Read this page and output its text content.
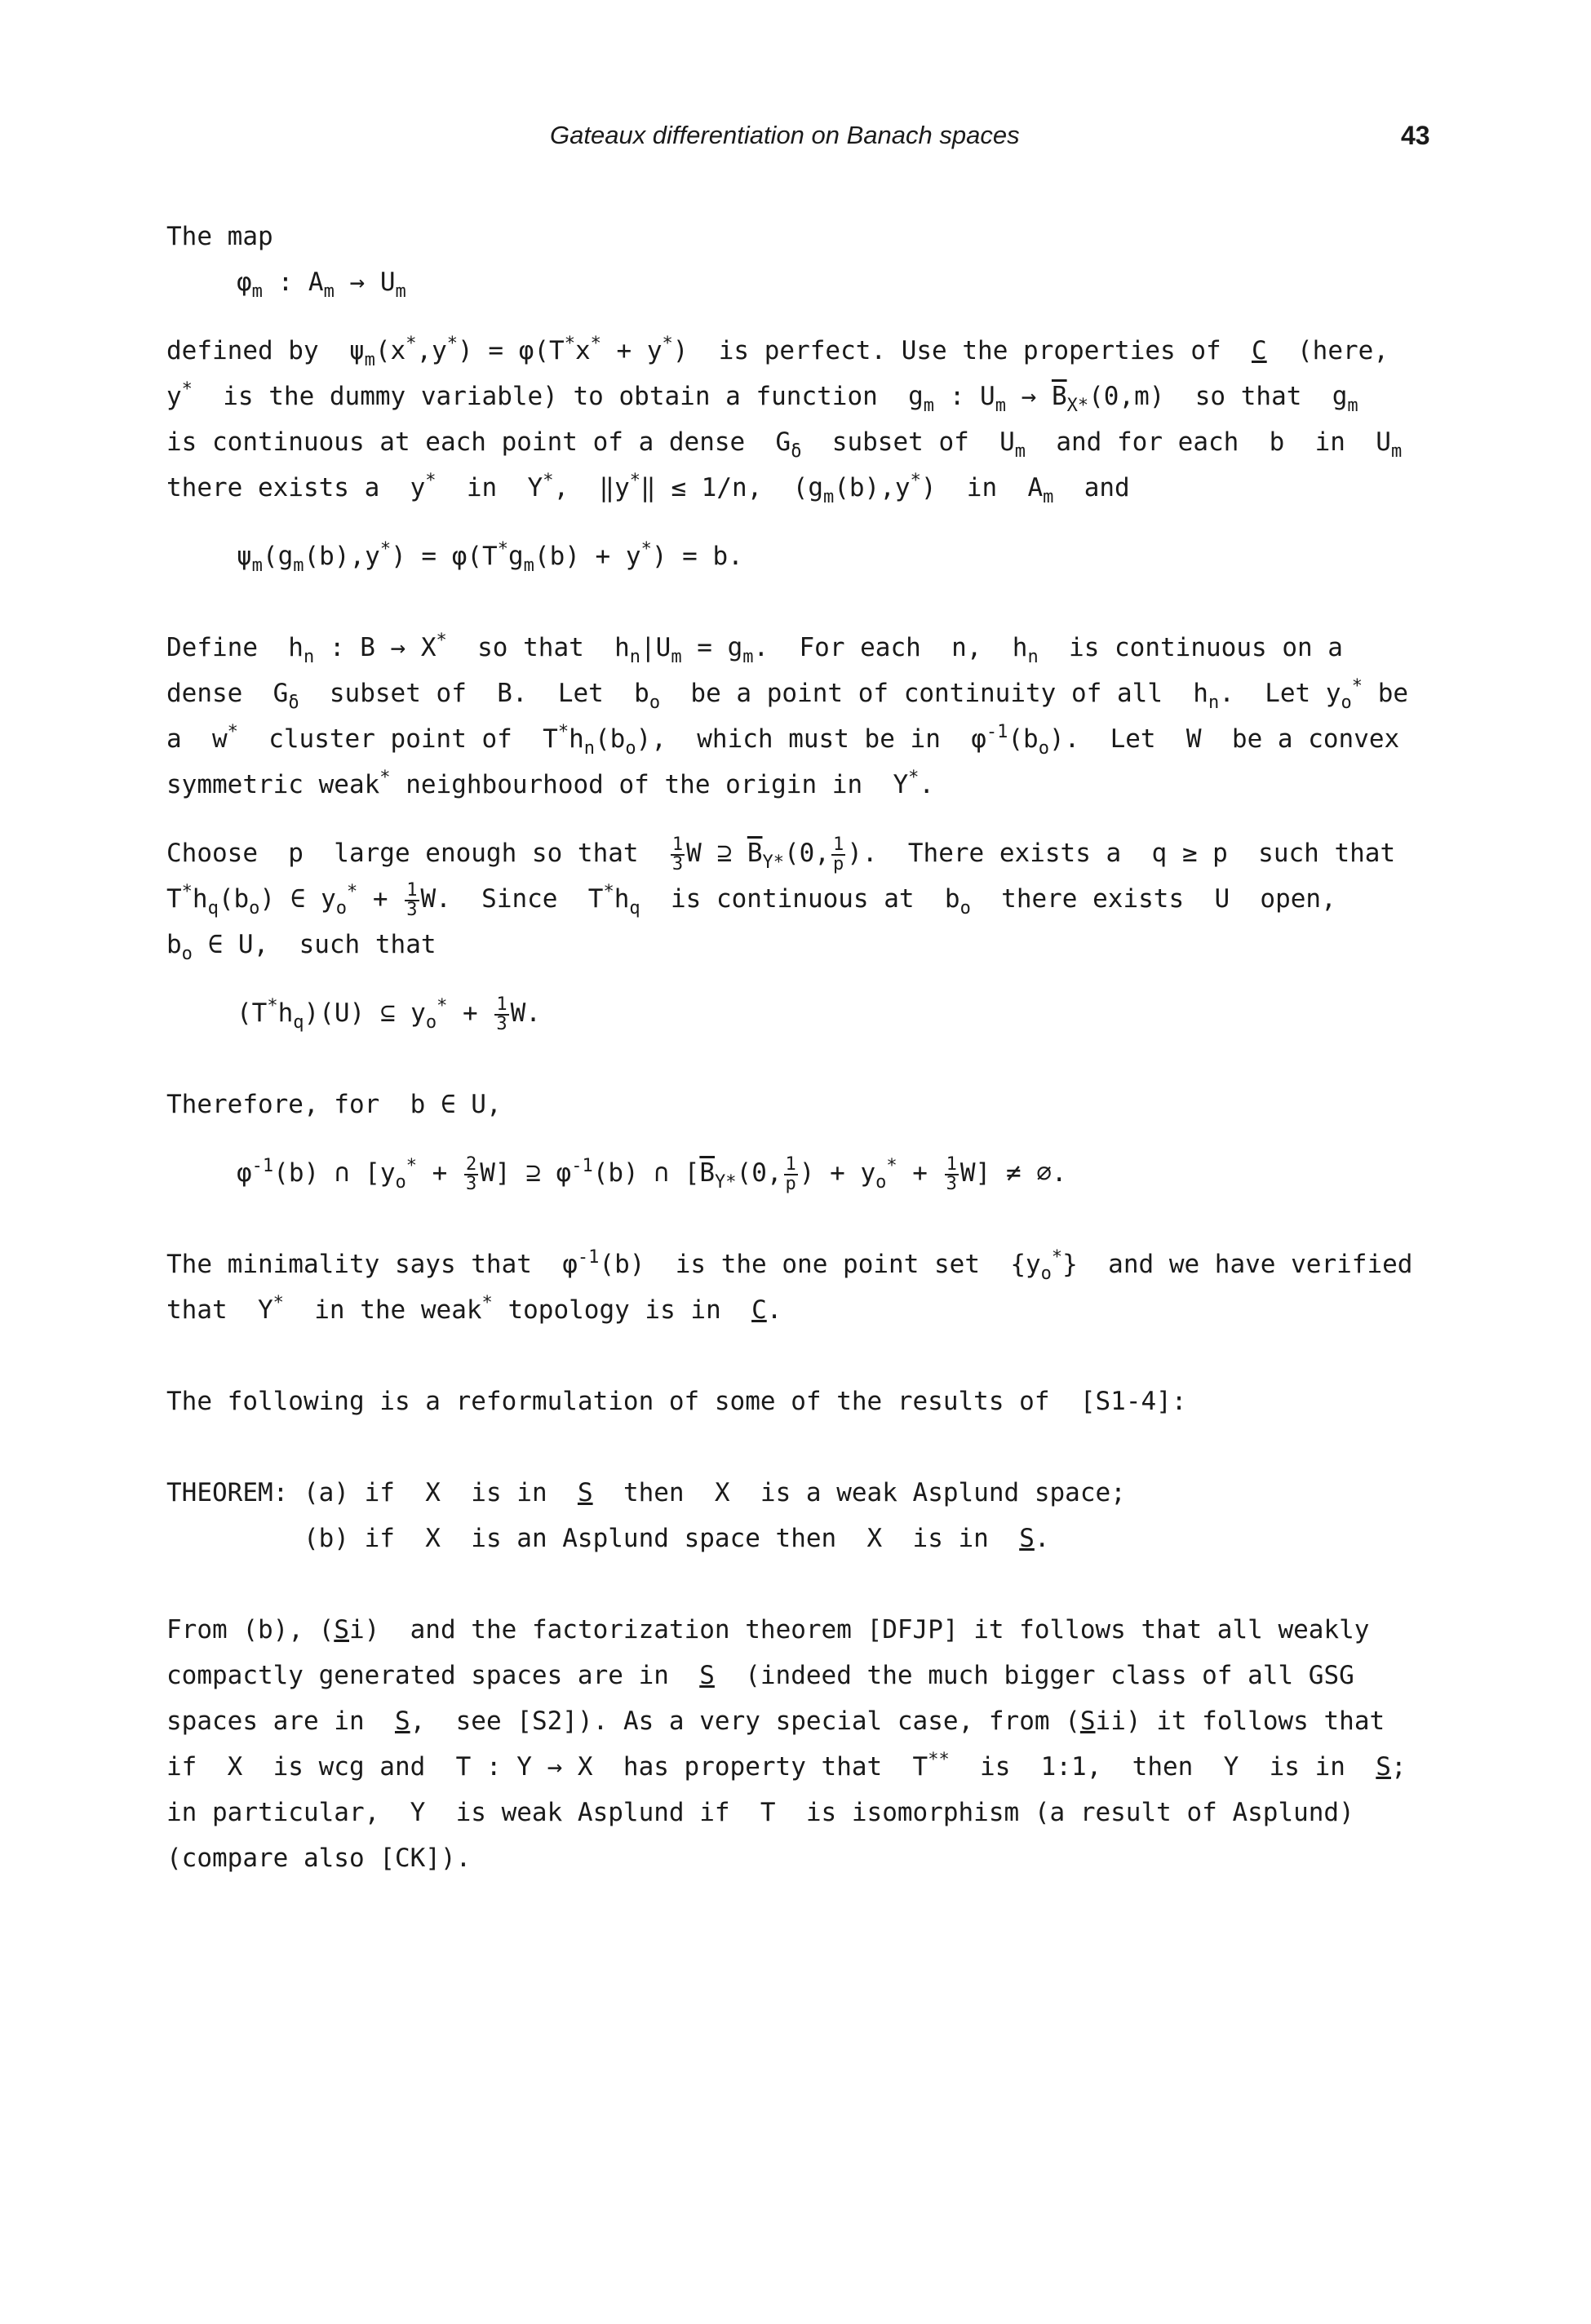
Gateaux differentiation on Banach spaces	43
The map
$\varphi_m$ : $A_m \to U_m$
defined by  $\psi_m(x^*,y^*) = \varphi(T^*x^* + y^*)$  is perfect. Use the properties of  C  (here,
y*  is the dummy variable) to obtain a function  $g_m$ : $U_m \to \overline{B}_{X*}(0,m)$  so that  $g_m$
is continuous at each point of a dense  $G_\delta$  subset of  $U_m$  and for each  b  in  $U_m$
there exists a  y*  in  Y*,  ‖y*‖ ≤ 1/n,  $(g_m(b),y^*)$  in  $A_m$  and
$\psi_m(g_m(b),y^*) = \varphi(T^*g_m(b) + y^*) = b$.
Define  $h_n$ : B → X*  so that  $h_n|U_m = g_m$.  For each  n,  $h_n$  is continuous on a
dense  $G_\delta$  subset of  B.  Let  $b_o$  be a point of continuity of all  $h_n$.  Let $y_o^*$ be
a  w*  cluster point of  $T^*h_n(b_o)$,  which must be in  $\varphi^{-1}(b_o)$.  Let  W  be a convex
symmetric weak* neighbourhood of the origin in  Y*.
Choose  p  large enough so that $\frac{1}{3}$ W ⊇ $\overline{B}_{Y*}(0$, $\frac{1}{p}$ ).  There exists a  q ≥ p  such that
$T^*h_q(b_o)$ ∈ $y_o^* + \frac{1}{3} W$.  Since  $T^*h_q$  is continuous at  $b_o$  there exists  U  open,
$b_o$ ∈ U,  such that
$(T^*h_q)(U)$ ⊆ $y_o^* + \frac{1}{3} W$.
Therefore, for  b ∈ U,
$\varphi^{-1}(b)$ ∩ $[y_o^* + \frac{2}{3} W]$ ⊇ $\varphi^{-1}(b)$ ∩ [$\overline{B}_{Y*}(0$, $\frac{1}{p}$ ) + $y_o^* + \frac{1}{3} W$] ≠ ∅.
The minimality says that  $\varphi^{-1}(b)$  is the one point set  $\{y_o^*\}$  and we have verified
that  Y*  in the weak* topology is in  C.
The following is a reformulation of some of the results of [S1-4]:
THEOREM: (a) if  X  is in S then  X  is a weak Asplund space;
(b) if  X  is an Asplund space then  X  is in S.
From (b), (Si)  and the factorization theorem [DFJP] it follows that all weakly
compactly generated spaces are in S (indeed the much bigger class of all GSG
spaces are in S,  see [S2]). As a very special case, from (Sii) it follows that
if  X  is wcg and  T : Y → X  has property that  T** is  1:1,  then  Y  is in S;
in particular,  Y  is weak Asplund if  T  is isomorphism (a result of Asplund)
(compare also [CK]).
